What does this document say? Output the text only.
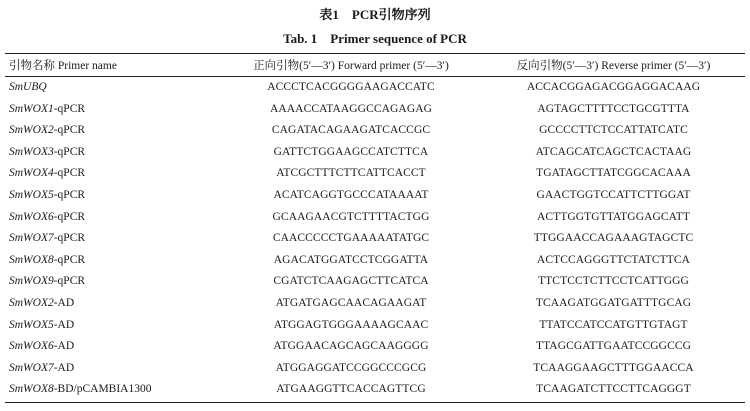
表1　PCR引物序列
Tab. 1　Primer sequence of PCR
引物名称 Primer name	正向引物(5′—3′) Forward primer (5′—3′)	反向引物(5′—3′) Reverse primer (5′—3′)
SmUBQ	ACCCTCACGGGGAAGACCATC	ACCACGGAGACGGAGGACAAG
SmWOX1-qPCR	AAAACCATAAGGCCAGAGAG	AGTAGCTTTTCCTGCGTTTA
SmWOX2-qPCR	CAGATACAGAAGATCACCGC	GCCCCTTCTCCATTATCATC
SmWOX3-qPCR	GATTCTGGAAGCCATCTTCA	ATCAGCATCAGCTCACTAAG
SmWOX4-qPCR	ATCGCTTTCTTCATTCACCT	TGATAGCTTATCGGCACAAA
SmWOX5-qPCR	ACATCAGGTGCCCATAAAAT	GAACTGGTCCATTCTTGGAT
SmWOX6-qPCR	GCAAGAACGTCTTTTACTGG	ACTTGGTGTTATGGAGCATT
SmWOX7-qPCR	CAACCCCCTGAAAAATATGC	TTGGAACCAGAAAGTAGCTC
SmWOX8-qPCR	AGACATGGATCCTCGGATTA	ACTCCAGGGTTCTATCTTCA
SmWOX9-qPCR	CGATCTCAAGAGCTTCATCA	TTCTCCTCTTCCTCATTGGG
SmWOX2-AD	ATGATGAGCAACAGAAGAT	TCAAGATGGATGATTTGCAG
SmWOX5-AD	ATGGAGTGGGAAAAGCAAC	TTATCCATCCATGTTGTAGT
SmWOX6-AD	ATGGAACAGCAGCAAGGGG	TTAGCGATTGAATCCGGCCG
SmWOX7-AD	ATGGAGGATCCGGCCCGCG	TCAAGGAAGCTTTGGAACCA
SmWOX8-BD/pCAMBIA1300	ATGAAGGTTCACCAGTTCG	TCAAGATCTTCCTTCAGGGT
